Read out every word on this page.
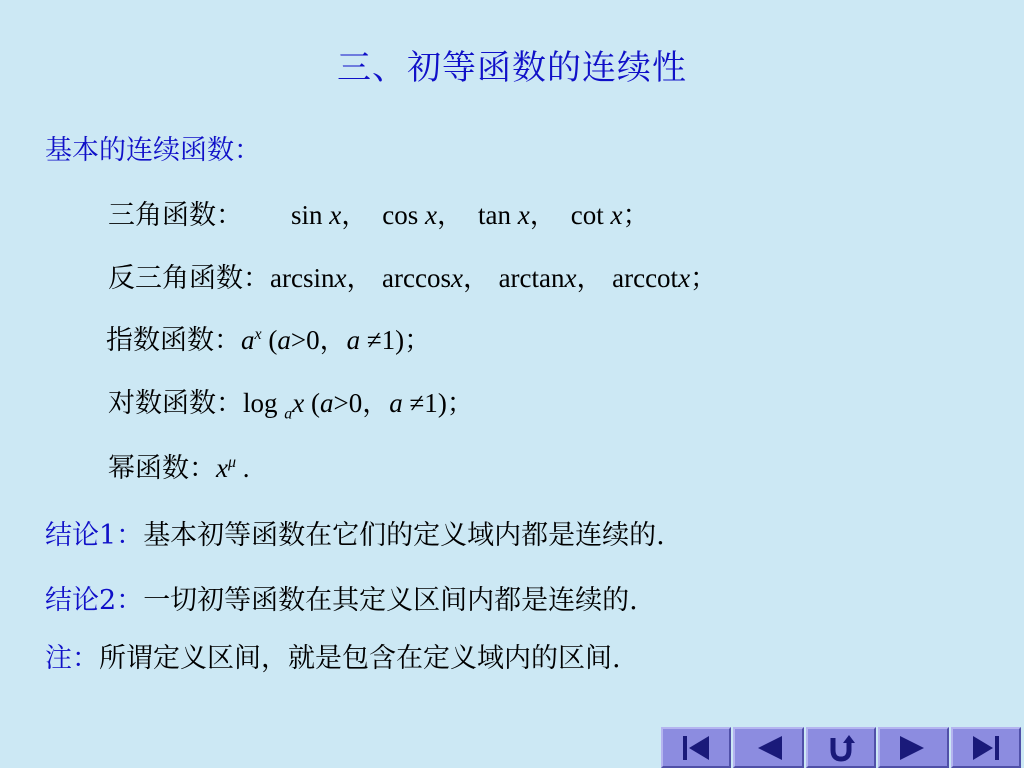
三、初等函数的连续性
基本的连续函数：
三角函数： sin x， cos x， tan x， cot x；
反三角函数：arcsinx， arccosx， arctanx， arccotx；
指数函数：$a^x$ (a>0，a ≠1)；
对数函数：log $_a$x (a>0，a ≠1)；
幂函数：$x^\mu$ .
结论1：基本初等函数在它们的定义域内都是连续的.
结论2：一切初等函数在其定义区间内都是连续的.
注：所谓定义区间，就是包含在定义域内的区间.
